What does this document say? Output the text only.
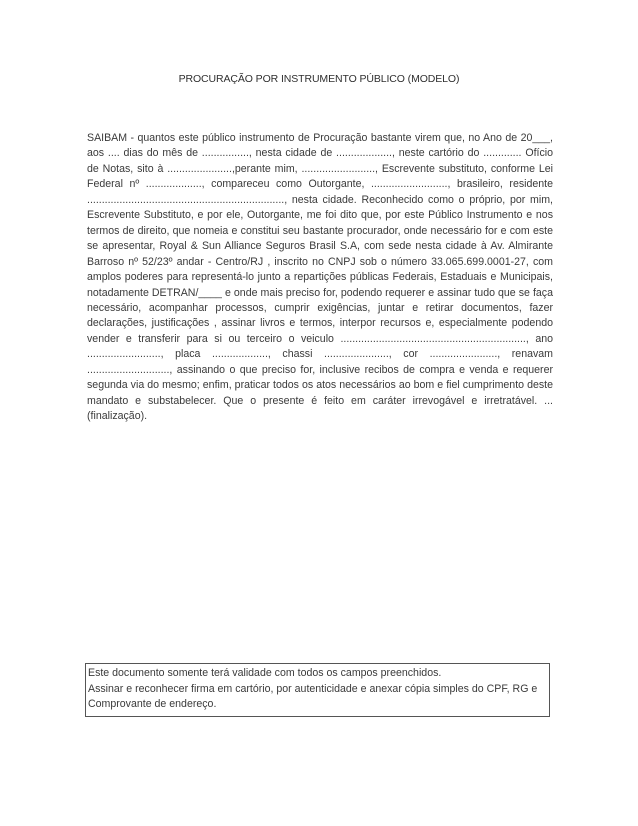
PROCURAÇÃO POR INSTRUMENTO PÚBLICO (MODELO)

SAIBAM - quantos este público instrumento de Procuração bastante virem que, no Ano de 20___, aos .... dias do mês de ................, nesta cidade de ..................., neste cartório do ............. Ofício de Notas, sito à ......................,perante mim, ........................., Escrevente substituto, conforme Lei Federal nº ..................., compareceu como Outorgante, .........................., brasileiro, residente ..................................................................., nesta cidade. Reconhecido como o próprio, por mim, Escrevente Substituto, e por ele, Outorgante, me foi dito que, por este Público Instrumento e nos termos de direito, que nomeia e constitui seu bastante procurador, onde necessário for e com este se apresentar, Royal & Sun Alliance Seguros Brasil S.A, com sede nesta cidade à Av. Almirante Barroso nº 52/23º andar - Centro/RJ , inscrito no CNPJ sob o número 33.065.699.0001-27, com amplos poderes para representá-lo junto a repartições públicas Federais, Estaduais e Municipais, notadamente DETRAN/____ e onde mais preciso for, podendo requerer e assinar tudo que se faça necessário, acompanhar processos, cumprir exigências, juntar e retirar documentos, fazer declarações, justificações , assinar livros e termos, interpor recursos e, especialmente podendo vender e transferir para si ou terceiro o veiculo ..............................................................., ano ........................., placa ..................., chassi ......................, cor ......................., renavam ............................, assinando o que preciso for, inclusive recibos de compra e venda e requerer segunda via do mesmo; enfim, praticar todos os atos necessários ao bom e fiel cumprimento deste mandato e substabelecer. Que o presente é feito em caráter irrevogável e irretratável. ... (finalização).

Este documento somente terá validade com todos os campos preenchidos.

Assinar e reconhecer firma em cartório, por autenticidade e anexar cópia simples do CPF, RG e Comprovante de endereço.
